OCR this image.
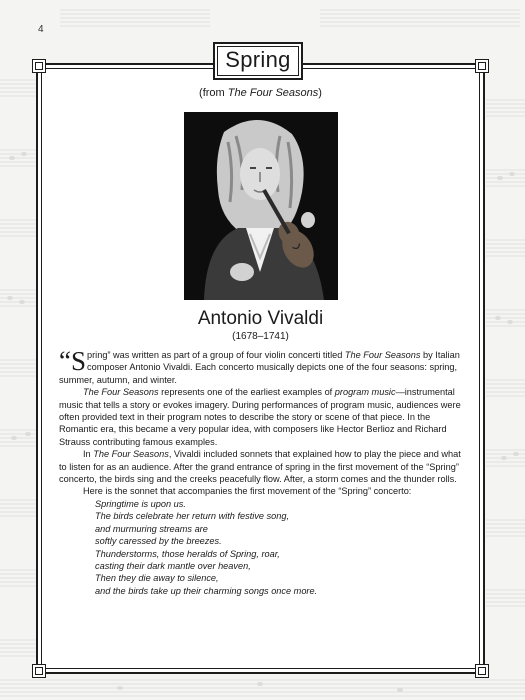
4
Spring
(from The Four Seasons)
Antonio Vivaldi
(1678–1741)

“Spring” was written as part of a group of four violin concerti titled The Four Seasons by Italian composer Antonio Vivaldi. Each concerto musically depicts one of the four seasons: spring, summer, autumn, and winter.

The Four Seasons represents one of the earliest examples of program music—instrumental music that tells a story or evokes imagery. During performances of program music, audiences were often provided text in their program notes to describe the story or scene of that piece. In the Romantic era, this became a very popular idea, with composers like Hector Berlioz and Richard Strauss contributing famous examples.

In The Four Seasons, Vivaldi included sonnets that explained how to play the piece and what to listen for as an audience. After the grand entrance of spring in the first movement of the “Spring” concerto, the birds sing and the creeks peacefully flow. After, a storm comes and the thunder rolls.

Here is the sonnet that accompanies the first movement of the “Spring” concerto:

Springtime is upon us.
The birds celebrate her return with festive song,
and murmuring streams are
softly caressed by the breezes.
Thunderstorms, those heralds of Spring, roar,
casting their dark mantle over heaven,
Then they die away to silence,
and the birds take up their charming songs once more.
